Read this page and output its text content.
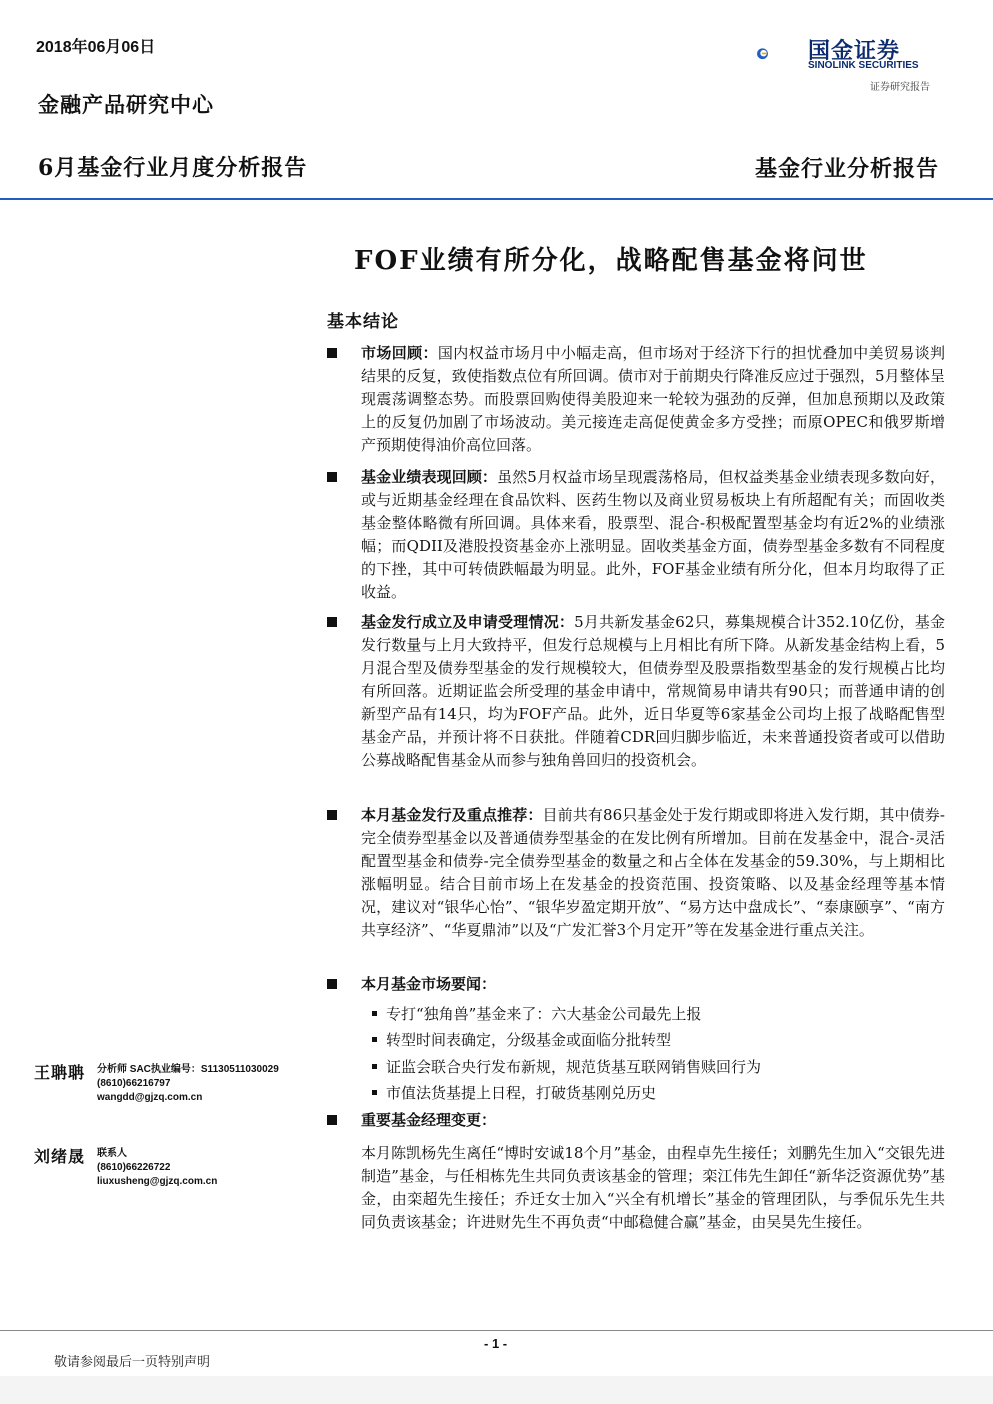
2018年06月06日
金融产品研究中心
国金证券
SINOLINK SECURITIES
证券研究报告
6月基金行业月度分析报告	基金行业分析报告
FOF业绩有所分化，战略配售基金将问世
基本结论
市场回顾：国内权益市场月中小幅走高，但市场对于经济下行的担忧叠加中美贸易谈判结果的反复，致使指数点位有所回调。债市对于前期央行降准反应过于强烈，5月整体呈现震荡调整态势。而股票回购使得美股迎来一轮较为强劲的反弹，但加息预期以及政策上的反复仍加剧了市场波动。美元接连走高促使黄金多方受挫；而原OPEC和俄罗斯增产预期使得油价高位回落。
基金业绩表现回顾：虽然5月权益市场呈现震荡格局，但权益类基金业绩表现多数向好，或与近期基金经理在食品饮料、医药生物以及商业贸易板块上有所超配有关；而固收类基金整体略微有所回调。具体来看，股票型、混合-积极配置型基金均有近2%的业绩涨幅；而QDII及港股投资基金亦上涨明显。固收类基金方面，债券型基金多数有不同程度的下挫，其中可转债跌幅最为明显。此外，FOF基金业绩有所分化，但本月均取得了正收益。
基金发行成立及申请受理情况：5月共新发基金62只，募集规模合计352.10亿份，基金发行数量与上月大致持平，但发行总规模与上月相比有所下降。从新发基金结构上看，5月混合型及债券型基金的发行规模较大，但债券型及股票指数型基金的发行规模占比均有所回落。近期证监会所受理的基金申请中，常规简易申请共有90只；而普通申请的创新型产品有14只，均为FOF产品。此外，近日华夏等6家基金公司均上报了战略配售型基金产品，并预计将不日获批。伴随着CDR回归脚步临近，未来普通投资者或可以借助公募战略配售基金从而参与独角兽回归的投资机会。
本月基金发行及重点推荐：目前共有86只基金处于发行期或即将进入发行期，其中债券-完全债券型基金以及普通债券型基金的在发比例有所增加。目前在发基金中，混合-灵活配置型基金和债券-完全债券型基金的数量之和占全体在发基金的59.30%，与上期相比涨幅明显。结合目前市场上在发基金的投资范围、投资策略、以及基金经理等基本情况，建议对“银华心怡”、“银华岁盈定期开放”、“易方达中盘成长”、“泰康颐享”、“南方共享经济”、“华夏鼎沛”以及“广发汇誉3个月定开”等在发基金进行重点关注。
本月基金市场要闻：
专打“独角兽”基金来了：六大基金公司最先上报
转型时间表确定，分级基金或面临分批转型
证监会联合央行发布新规，规范货基互联网销售赎回行为
市值法货基提上日程，打破货基刚兑历史
重要基金经理变更：
本月陈凯杨先生离任“博时安诚18个月”基金，由程卓先生接任；刘鹏先生加入“交银先进制造”基金，与任相栋先生共同负责该基金的管理；栾江伟先生卸任“新华泛资源优势”基金，由栾超先生接任；乔迁女士加入“兴全有机增长”基金的管理团队，与季侃乐先生共同负责该基金；许进财先生不再负责“中邮稳健合赢”基金，由吴昊先生接任。
王聃聃 分析师 SAC执业编号：S1130511030029
(8610)66216797
wangdd@gjzq.com.cn
刘绪晟 联系人
(8610)66226722
liuxusheng@gjzq.com.cn
- 1 -
敬请参阅最后一页特别声明
